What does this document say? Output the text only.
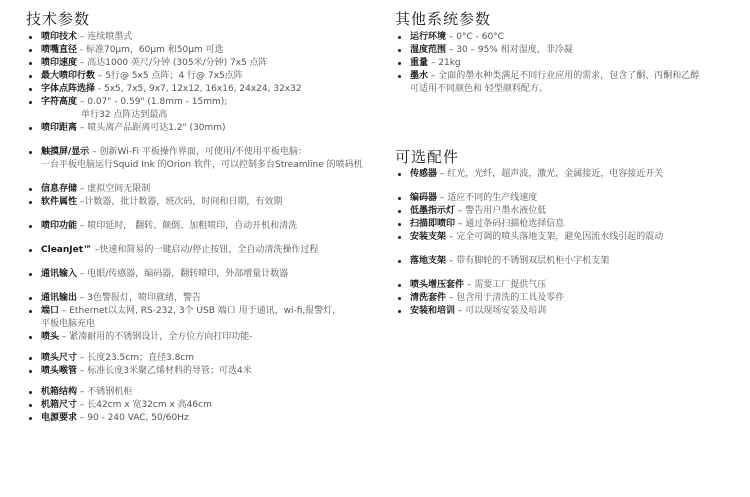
技术参数
喷印技术 – 连续喷墨式
喷嘴直径 - 标准70µm，60µm 和50µm 可选
喷印速度 – 高达1000 英尺/分钟 (305米/分钟) 7x5 点阵
最大喷印行数 – 5行@ 5x5 点阵；4 行@ 7x5点阵
字体点阵选择 - 5x5, 7x5, 9x7, 12x12, 16x16, 24x24, 32x32
字符高度 – 0.07" - 0.59" (1.8mm - 15mm);
单行32 点阵达到最高
喷印距离 – 喷头离产品距离可达1.2" (30mm)
触摸屏/显示 – 创新Wi-Fi 平板操作界面，可使用/不使用平板电脑：
一台平板电脑运行Squid Ink 的Orion 软件，可以控制多台Streamline 的喷码机
信息存储 – 虚拟空间无限制
软件属性 –计数器，批计数器，班次码，时间和日期，有效期
喷印功能 – 喷印延时， 翻转、颠倒、加粗喷印，自动开机和清洗
CleanJet™ –快速和简易的一键启动/停止按钮，全自动清洗操作过程
通讯输入 – 电眼/传感器，编码器，翻转喷印，外部增量计数器
通讯输出 – 3色警报灯，喷印就绪，警告
端口 – Ethernet以太网, RS-232, 3个 USB 端口 用于通讯，wi-fi,报警灯，
平板电脑充电
喷头 – 紧凑耐用的不锈钢设计，全方位方向打印功能-
喷头尺寸 – 长度23.5cm；直径3.8cm
喷头喉管 – 标准长度3米聚乙烯材料的导管；可选4米
机箱结构 – 不锈钢机柜
机箱尺寸 – 长42cm x 宽32cm x 高46cm
电源要求 – 90 - 240 VAC, 50/60Hz
其他系统参数
运行环境 – 0°C - 60°C
湿度范围 – 30 – 95% 相对湿度，非冷凝
重量 – 21kg
墨水 – 全面的墨水种类满足不同行业应用的需求，包含了酮、丙酮和乙醇
可适用不同颜色和 轻型颜料配方。
可选配件
传感器 – 红光，光纤，超声波，激光，金属接近，电容接近开关
编码器 – 适应不同的生产线速度
低墨指示灯 – 警告用户墨水液位低
扫描即喷印 – 通过条码扫描枪选择信息
安装支架 – 完全可调的喷头落地支架，避免因流水线引起的震动
落地支架 – 带有脚轮的不锈钢双层机柜小字机支架
喷头增压套件 – 需要工厂提供气压
清洗套件 – 包含用于清洗的工具及零件
安装和培训 – 可以现场安装及培训
